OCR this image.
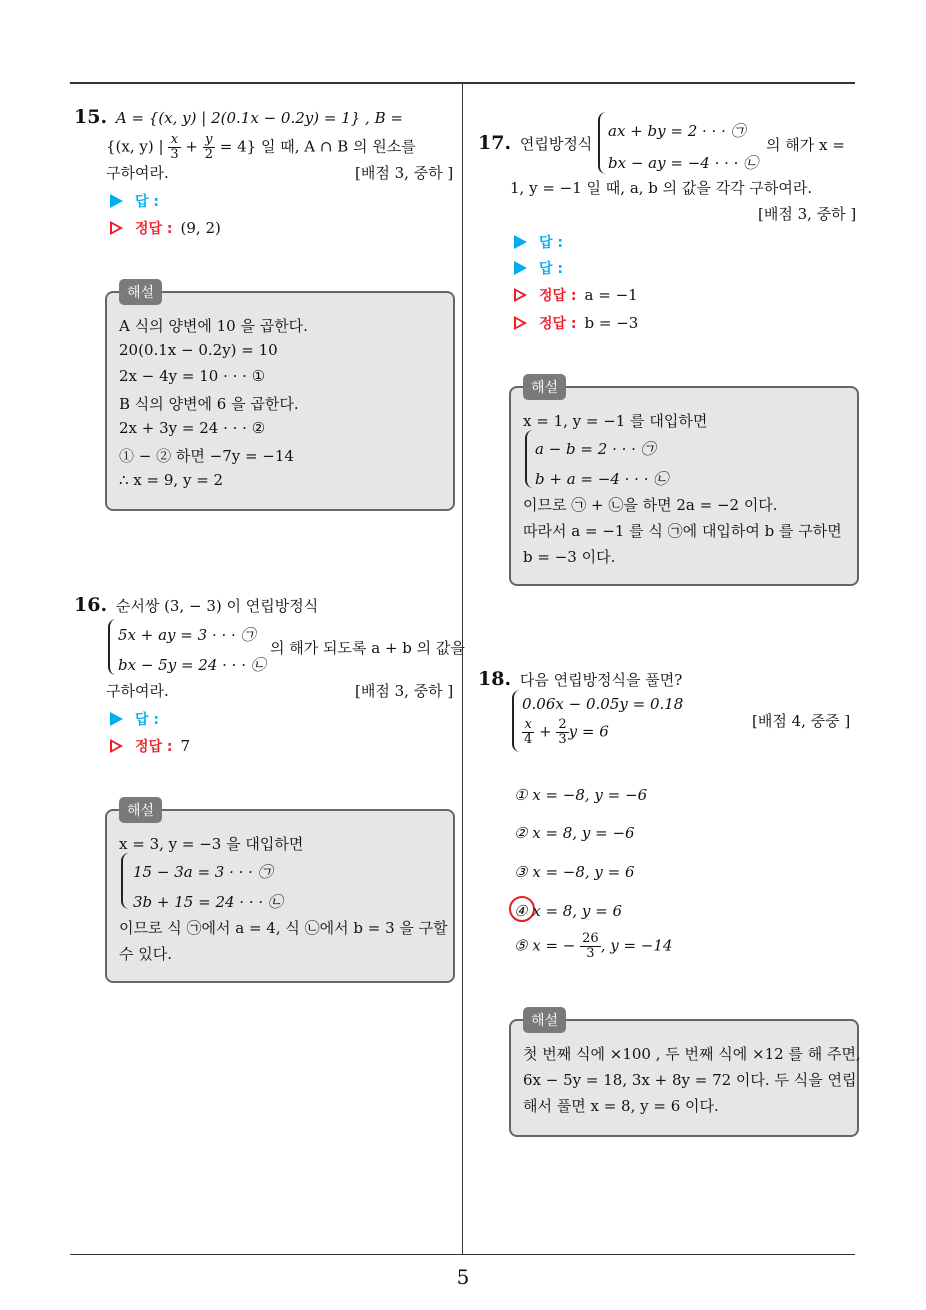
5
15. A = {(x, y) | 2(0.1x − 0.2y) = 1} , B =
{(x, y) | $\frac{x}{3} + \frac{y}{2} = 4$} 일 때, A ∩ B 의 원소를
구하여라.	[배점 3, 중하 ]
답 :
정답 : (9, 2)
해설
A 식의 양변에 10 을 곱한다.
20(0.1x − 0.2y) = 10
2x − 4y = 10 · · · ①
B 식의 양변에 6 을 곱한다.
2x + 3y = 24 · · · ②
① − ② 하면 −7y = −14
∴ x = 9, y = 2
16. 순서쌍 (3, − 3) 이 연립방정식
5x + ay = 3 · · · ㉠
bx − 5y = 24 · · · ㉡
의 해가 되도록 a + b 의 값을
구하여라.	[배점 3, 중하 ]
답 :
정답 : 7
해설
x = 3, y = −3 을 대입하면
15 − 3a = 3 · · · ㉠
3b + 15 = 24 · · · ㉡
이므로 식 ㉠에서 a = 4, 식 ㉡에서 b = 3 을 구할
수 있다.
17. 연립방정식
ax + by = 2 · · · ㉠
bx − ay = −4 · · · ㉡
의 해가 x =
1, y = −1 일 때, a, b 의 값을 각각 구하여라.
[배점 3, 중하 ]
답 :
답 :
정답 : a = −1
정답 : b = −3
해설
x = 1, y = −1 를 대입하면
a − b = 2 · · · ㉠
b + a = −4 · · · ㉡
이므로 ㉠ + ㉡을 하면 2a = −2 이다.
따라서 a = −1 를 식 ㉠에 대입하여 b 를 구하면
b = −3 이다.
18. 다음 연립방정식을 풀면?
0.06x − 0.05y = 0.18
$\frac{x}{4} + \frac{2}{3}$ y = 6
[배점 4, 중중 ]
① x = −8, y = −6
② x = 8, y = −6
③ x = −8, y = 6
④ x = 8, y = 6
⑤ x = − $\frac{26}{3}$ , y = −14
해설
첫 번째 식에 ×100 , 두 번째 식에 ×12 를 해 주면,
6x − 5y = 18, 3x + 8y = 72 이다. 두 식을 연립
해서 풀면 x = 8, y = 6 이다.
